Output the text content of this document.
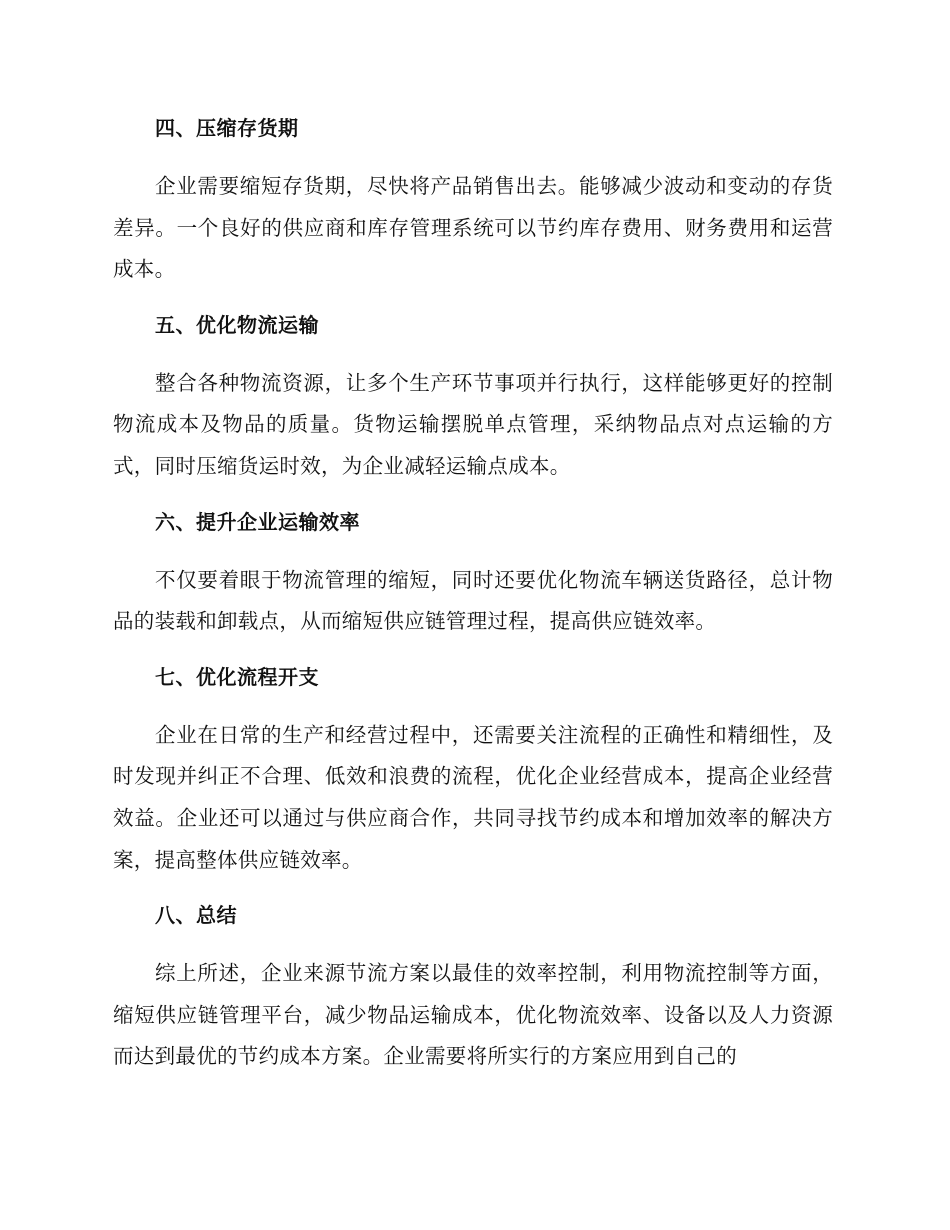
四、压缩存货期

企业需要缩短存货期，尽快将产品销售出去。能够减少波动和变动的存货差异。一个良好的供应商和库存管理系统可以节约库存费用、财务费用和运营成本。

五、优化物流运输

整合各种物流资源，让多个生产环节事项并行执行，这样能够更好的控制物流成本及物品的质量。货物运输摆脱单点管理，采纳物品点对点运输的方式，同时压缩货运时效，为企业减轻运输点成本。

六、提升企业运输效率

不仅要着眼于物流管理的缩短，同时还要优化物流车辆送货路径，总计物品的装载和卸载点，从而缩短供应链管理过程，提高供应链效率。

七、优化流程开支

企业在日常的生产和经营过程中，还需要关注流程的正确性和精细性，及时发现并纠正不合理、低效和浪费的流程，优化企业经营成本，提高企业经营效益。企业还可以通过与供应商合作，共同寻找节约成本和增加效率的解决方案，提高整体供应链效率。

八、总结

综上所述，企业来源节流方案以最佳的效率控制，利用物流控制等方面，缩短供应链管理平台，减少物品运输成本，优化物流效率、设备以及人力资源而达到最优的节约成本方案。企业需要将所实行的方案应用到自己的
